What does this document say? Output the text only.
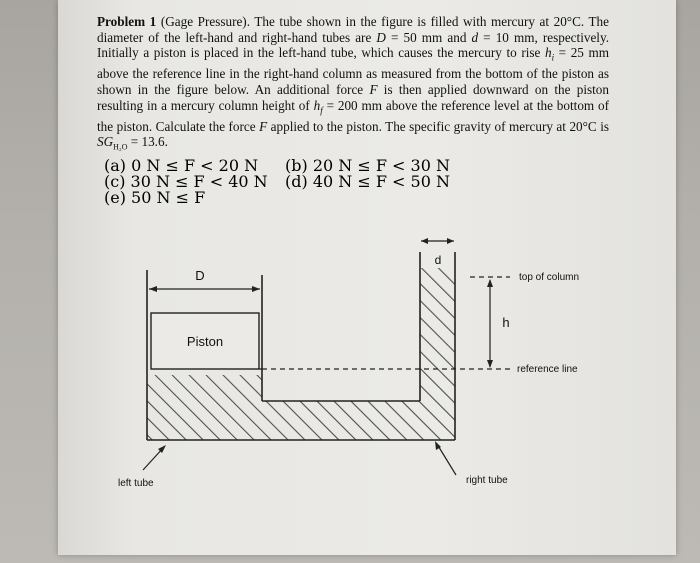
Problem 1 (Gage Pressure). The tube shown in the figure is filled with mercury at 20°C. The diameter of the left-hand and right-hand tubes are D = 50 mm and d = 10 mm, respectively. Initially a piston is placed in the left-hand tube, which causes the mercury to rise $h_i = 25$ mm above the reference line in the right-hand column as measured from the bottom of the piston as shown in the figure below. An additional force F is then applied downward on the piston resulting in a mercury column height of $h_f = 200$ mm above the reference level at the bottom of the piston. Calculate the force F applied to the piston. The specific gravity of mercury at 20°C is $SG_{H_2O} = 13.6$.
(a) 0 N ≤ F < 20 N (b) 20 N ≤ F < 30 N
(c) 30 N ≤ F < 40 N (d) 40 N ≤ F < 50 N
(e) 50 N ≤ F
Piston
D
d
h
top of column
reference line
left tube	right tube
